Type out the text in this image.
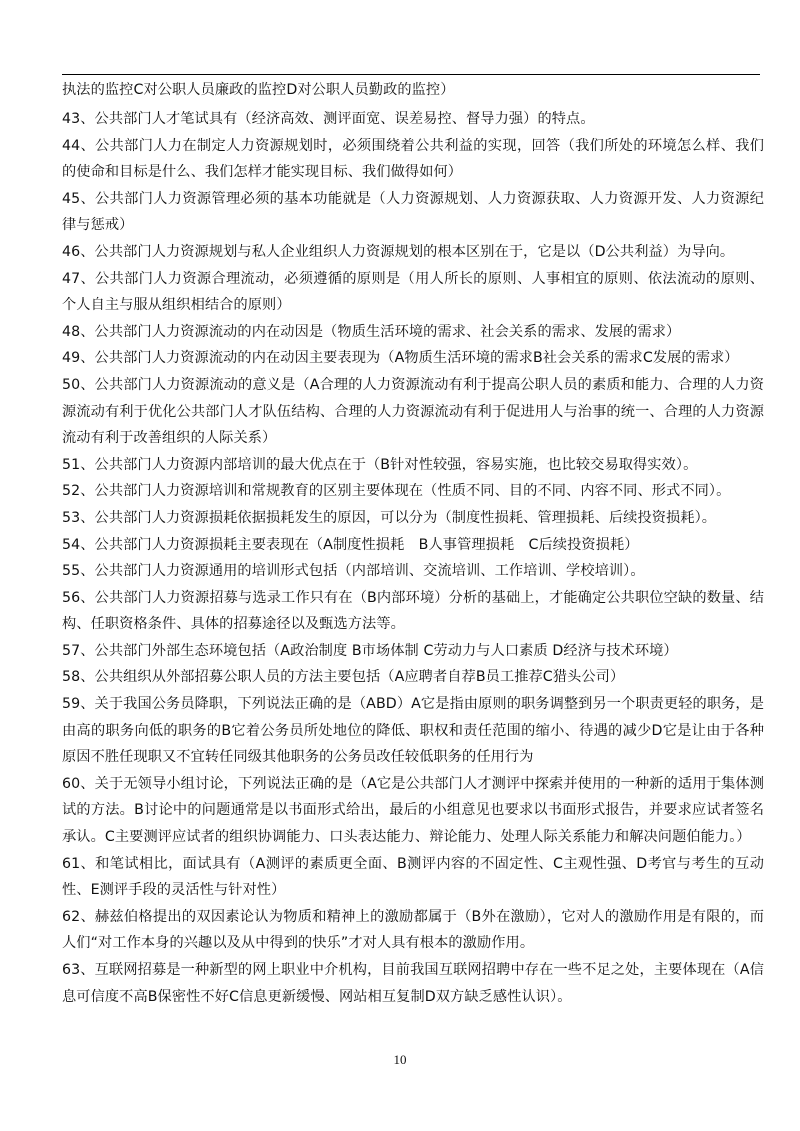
执法的监控C对公职人员廉政的监控D对公职人员勤政的监控）

43、公共部门人才笔试具有（经济高效、测评面宽、误差易控、督导力强）的特点。

44、公共部门人力在制定人力资源规划时，必须围绕着公共利益的实现，回答（我们所处的环境怎么样、我们的使命和目标是什么、我们怎样才能实现目标、我们做得如何）

45、公共部门人力资源管理必须的基本功能就是（人力资源规划、人力资源获取、人力资源开发、人力资源纪律与惩戒）

46、公共部门人力资源规划与私人企业组织人力资源规划的根本区别在于，它是以（D公共利益）为导向。

47、公共部门人力资源合理流动，必须遵循的原则是（用人所长的原则、人事相宜的原则、依法流动的原则、个人自主与服从组织相结合的原则）

48、公共部门人力资源流动的内在动因是（物质生活环境的需求、社会关系的需求、发展的需求）

49、公共部门人力资源流动的内在动因主要表现为（A物质生活环境的需求B社会关系的需求C发展的需求）

50、公共部门人力资源流动的意义是（A合理的人力资源流动有利于提高公职人员的素质和能力、合理的人力资源流动有利于优化公共部门人才队伍结构、合理的人力资源流动有利于促进用人与治事的统一、合理的人力资源流动有利于改善组织的人际关系）

51、公共部门人力资源内部培训的最大优点在于（B针对性较强，容易实施，也比较交易取得实效）。

52、公共部门人力资源培训和常规教育的区别主要体现在（性质不同、目的不同、内容不同、形式不同）。

53、公共部门人力资源损耗依据损耗发生的原因，可以分为（制度性损耗、管理损耗、后续投资损耗）。

54、公共部门人力资源损耗主要表现在（A制度性损耗　B人事管理损耗　C后续投资损耗）

55、公共部门人力资源通用的培训形式包括（内部培训、交流培训、工作培训、学校培训）。

56、公共部门人力资源招募与选录工作只有在（B内部环境）分析的基础上，才能确定公共职位空缺的数量、结构、任职资格条件、具体的招募途径以及甄选方法等。

57、公共部门外部生态环境包括（A政治制度 B市场体制 C劳动力与人口素质 D经济与技术环境）

58、公共组织从外部招募公职人员的方法主要包括（A应聘者自荐B员工推荐C猎头公司）

59、关于我国公务员降职，下列说法正确的是（ABD）A它是指由原则的职务调整到另一个职责更轻的职务，是由高的职务向低的职务的B它着公务员所处地位的降低、职权和责任范围的缩小、待遇的减少D它是让由于各种原因不胜任现职又不宜转任同级其他职务的公务员改任较低职务的任用行为

60、关于无领导小组讨论，下列说法正确的是（A它是公共部门人才测评中探索并使用的一种新的适用于集体测试的方法。B讨论中的问题通常是以书面形式给出，最后的小组意见也要求以书面形式报告，并要求应试者签名承认。C主要测评应试者的组织协调能力、口头表达能力、辩论能力、处理人际关系能力和解决问题伯能力。）

61、和笔试相比，面试具有（A测评的素质更全面、B测评内容的不固定性、C主观性强、D考官与考生的互动性、E测评手段的灵活性与针对性）

62、赫兹伯格提出的双因素论认为物质和精神上的激励都属于（B外在激励），它对人的激励作用是有限的，而人们“对工作本身的兴趣以及从中得到的快乐”才对人具有根本的激励作用。

63、互联网招募是一种新型的网上职业中介机构，目前我国互联网招聘中存在一些不足之处，主要体现在（A信息可信度不高B保密性不好C信息更新缓慢、网站相互复制D双方缺乏感性认识）。

10
